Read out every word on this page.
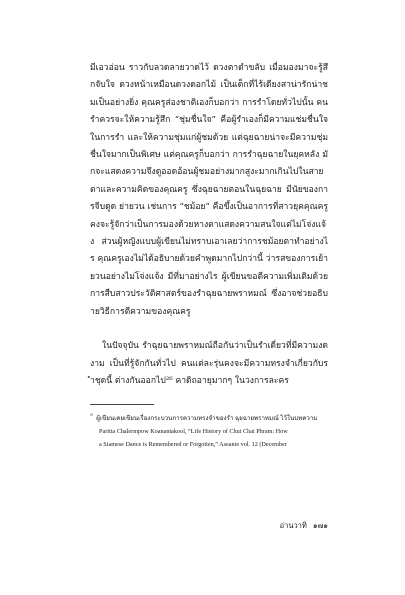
มีเอวอ่อน ราวกับลวดลายวาดไว้ ดวงตาดำขลับ เมื่อมองมาจะรู้สึกจับใจ ดวงหน้าเหมือนดวงดอกไม้ เป็นเด็กที่ไร้เดียงสาน่ารักน่าชมเป็นอย่างยิ่ง คุณครูส่องชาติเองก็บอกว่า การรำโดยทั่วไปนั้น คนรำควรจะให้ความรู้สึก “ชุ่มชื่นใจ” คือผู้รำเองก็มีความแช่มชื่นใจในการรำ และให้ความชุ่มแก่ผู้ชมด้วย แต่ฉุยฉายน่าจะมีความชุ่มชื่นใจมากเป็นพิเศษ แต่คุณครูก็บอกว่า การรำฉุยฉายในยุคหลัง มักจะแสดงความจึงดูออดอ้อนผู้ชมอย่างมากสูงะมากเกินไปในสายตาและความคิดของคุณครู ซึ่งฉุยฉายตอนในฉุยฉาย มีนัยของการจีบดูด ย่ายวน เช่นการ “ชม้อย” คือขึ้งเป็นอาการที่สาวยุคคุณครูคงจะรู้จักว่าเป็นการมองด้วยหางตาแสดงความสนใจแต่ไม่โจ่งแจ้ง ส่วนผู้หญิงแบบผู้เขียนไม่ทราบเอาเลยว่าการชม้อยตาทำอย่างไร คุณครูเองไม่ได้อธิบายด้วยคำพูดมากไปกว่านี้ ว่ารสของการเย้ายวนอย่างไม่โจ่งแจ้ง มีที่มาอย่างไร ผู้เขียนขอตีความเพิ่มเติมด้วยการสืบสาวประวัติศาสตร์ของรำฉุยฉายพราหมณ์ ซึ่งอาจช่วยอธิบายวิธีการตีความของคุณครู

ในปัจจุบัน รำฉุยฉายพราหมณ์ถือกันว่าเป็นรำเดี่ยวที่มีความงดงาม เป็นที่รู้จักกันทั่วไป คนแต่ละรุ่นคงจะมีความทรงจำเกี่ยวกับรำชุดนี้ ต่างกันออกไป²⁶ คาดิถอายุมากๆ ในวงการละคร

$^{^{26}}$ ผู้เขียนเคยเขียนเรื่องกระบวนการความทรงจำของรำ ฉุยฉายพราหมณ์ ไว้ในบทความ
Paritta Chalermpow Koanantakool, “Life History of Chui Chai Phram: How
a Siamese Dance is Remembered or Forgotten,” Aseanie vol. 12 (December
อ่านวาทิ ๑๗๑
